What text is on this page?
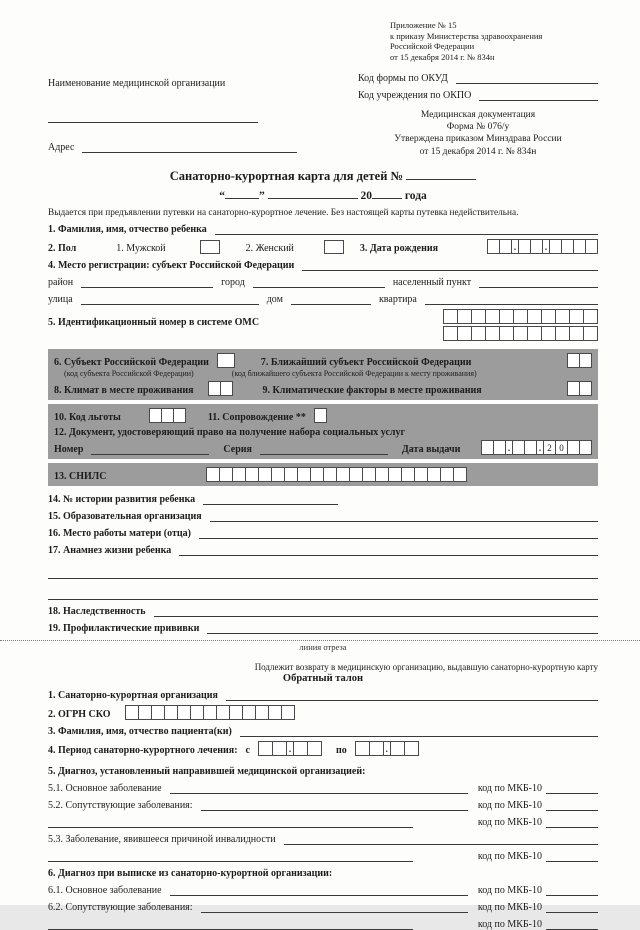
Наименование медицинской организации
Адрес
Приложение № 15
к приказу Министерства здравоохранения
Российской Федерации
от 15 декабря 2014 г. № 834н
Код формы по ОКУД
Код учреждения по ОКПО
Медицинская документация
Форма № 076/у
Утверждена приказом Минздрава России
от 15 декабря 2014 г. № 834н
Санаторно-курортная карта для детей №
“	”	20	года
Выдается при предъявлении путевки на санаторно-курортное лечение. Без настоящей карты путевка недействительна.
1. Фамилия, имя, отчество ребенка
2. Пол	1. Мужской	2. Женский	3. Дата рождения	.	.
4. Место регистрации: субъект Российской Федерации
район	город	населенный пункт
улица	дом	квартира
5. Идентификационный номер в системе ОМС

6. Субъект Российской Федерации	7. Ближайший субъект Российской Федерации
(код субъекта Российской Федерации)	(код ближайшего субъекта Российской Федерации к месту проживания)
8. Климат в месте проживания	9. Климатические факторы в месте проживания
10. Код льготы	11. Сопровождение **
12. Документ, удостоверяющий право на получение набора социальных услуг
Номер	Серия	Дата выдачи	.	. 2 0
13. СНИЛС
14. № истории развития ребенка
15. Образовательная организация
16. Место работы матери (отца)
17. Анамнез жизни ребенка
18. Наследственность
19. Профилактические прививки
линия отреза
Подлежит возврату в медицинскую организацию, выдавшую санаторно-курортную карту
Обратный талон
1. Санаторно-курортная организация
2. ОГРН СКО
3. Фамилия, имя, отчество пациента(ки)
4. Период санаторно-курортного лечения: с	.	по	.
5. Диагноз, установленный направившей медицинской организацией:
5.1. Основное заболевание	код по МКБ-10
5.2. Сопутствующие заболевания:	код по МКБ-10
код по МКБ-10
5.3. Заболевание, явившееся причиной инвалидности
код по МКБ-10
6. Диагноз при выписке из санаторно-курортной организации:
6.1. Основное заболевание	код по МКБ-10
6.2. Сопутствующие заболевания:	код по МКБ-10
код по МКБ-10
